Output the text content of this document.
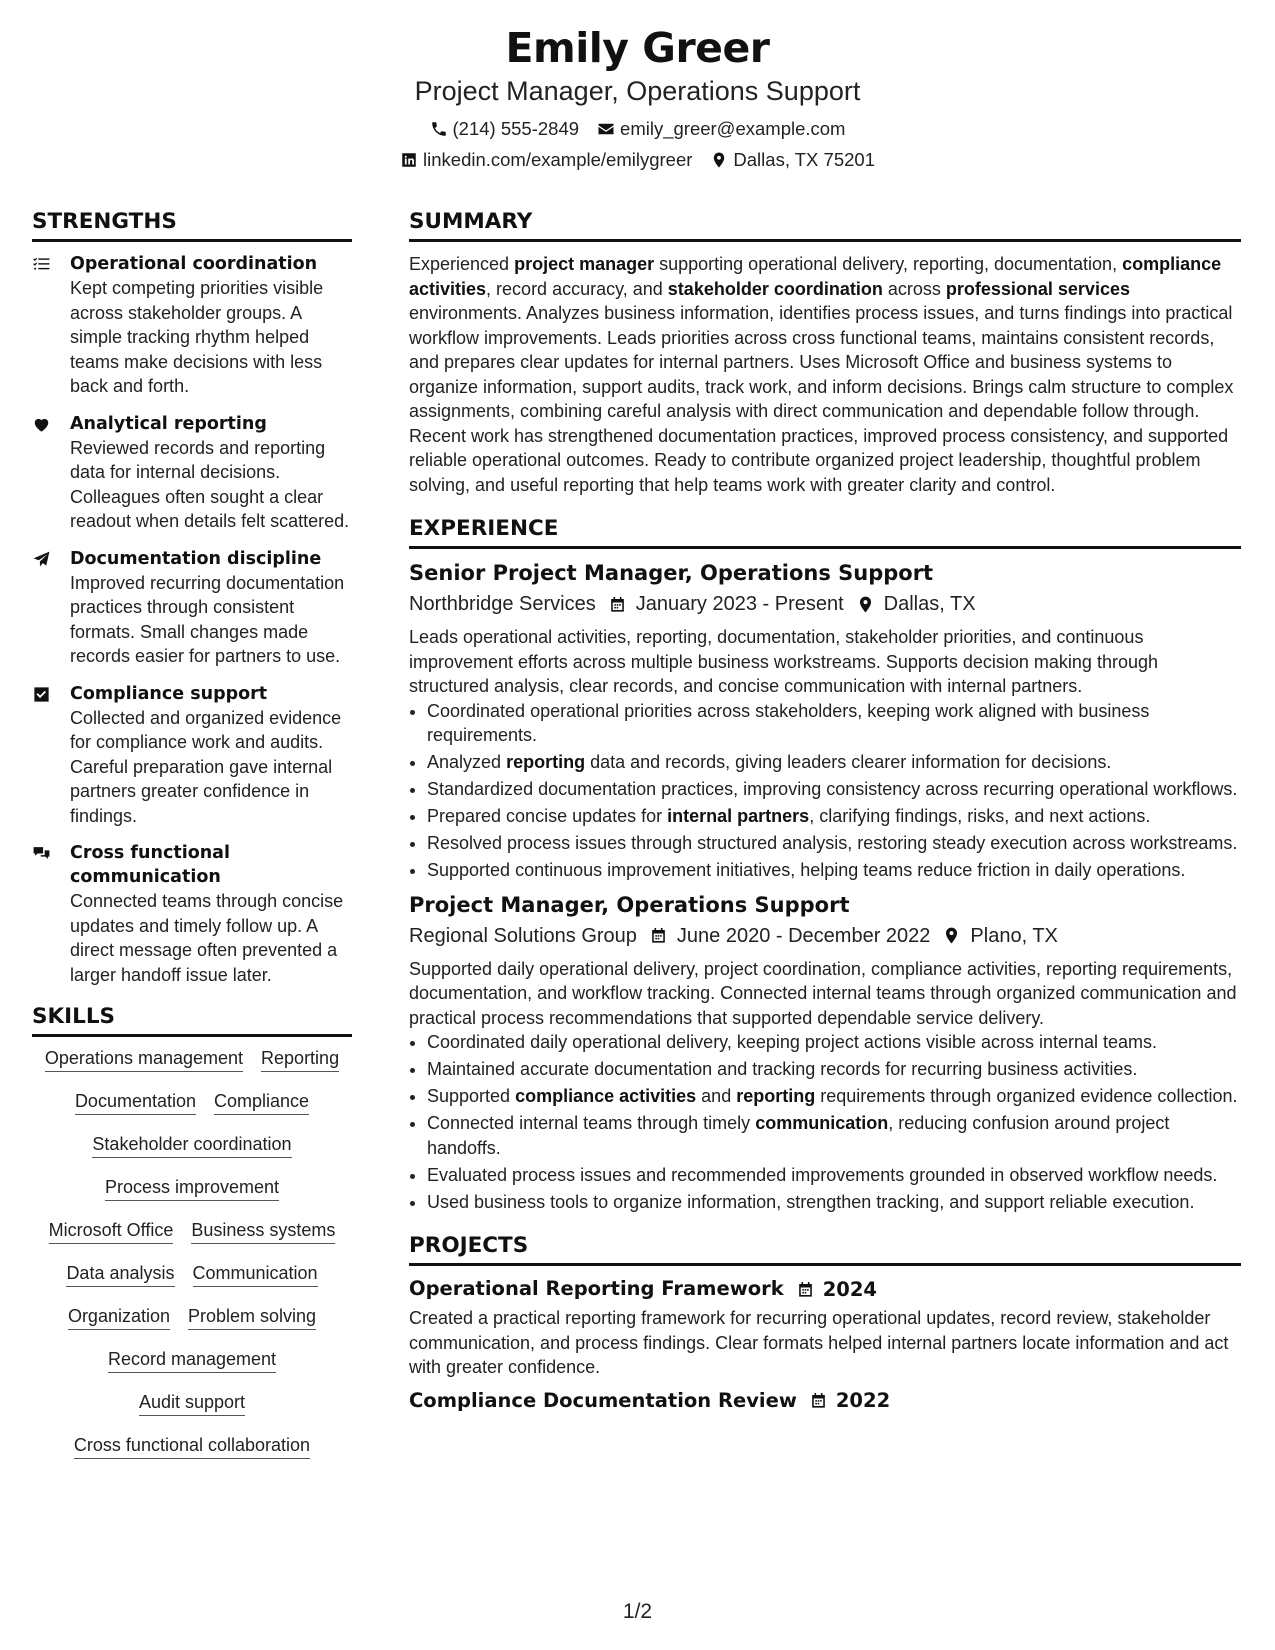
Emily Greer
Project Manager, Operations Support
(214) 555-2849 emily_greer@example.com
linkedin.com/example/emilygreer Dallas, TX 75201
STRENGTHS
Operational coordination
Kept competing priorities visible across stakeholder groups. A simple tracking rhythm helped teams make decisions with less back and forth.
Analytical reporting
Reviewed records and reporting data for internal decisions. Colleagues often sought a clear readout when details felt scattered.
Documentation discipline
Improved recurring documentation practices through consistent formats. Small changes made records easier for partners to use.
Compliance support
Collected and organized evidence for compliance work and audits. Careful preparation gave internal partners greater confidence in findings.
Cross functional communication
Connected teams through concise updates and timely follow up. A direct message often prevented a larger handoff issue later.
SKILLS
Operations management Reporting
Documentation Compliance
Stakeholder coordination
Process improvement
Microsoft Office Business systems
Data analysis Communication
Organization Problem solving
Record management
Audit support
Cross functional collaboration
SUMMARY
Experienced project manager supporting operational delivery, reporting, documentation, compliance activities, record accuracy, and stakeholder coordination across professional services environments. Analyzes business information, identifies process issues, and turns findings into practical workflow improvements. Leads priorities across cross functional teams, maintains consistent records, and prepares clear updates for internal partners. Uses Microsoft Office and business systems to organize information, support audits, track work, and inform decisions. Brings calm structure to complex assignments, combining careful analysis with direct communication and dependable follow through. Recent work has strengthened documentation practices, improved process consistency, and supported reliable operational outcomes. Ready to contribute organized project leadership, thoughtful problem solving, and useful reporting that help teams work with greater clarity and control.
EXPERIENCE
Senior Project Manager, Operations Support
Northbridge Services January 2023 - Present Dallas, TX
Leads operational activities, reporting, documentation, stakeholder priorities, and continuous improvement efforts across multiple business workstreams. Supports decision making through structured analysis, clear records, and concise communication with internal partners.
• Coordinated operational priorities across stakeholders, keeping work aligned with business requirements.
• Analyzed reporting data and records, giving leaders clearer information for decisions.
• Standardized documentation practices, improving consistency across recurring operational workflows.
• Prepared concise updates for internal partners, clarifying findings, risks, and next actions.
• Resolved process issues through structured analysis, restoring steady execution across workstreams.
• Supported continuous improvement initiatives, helping teams reduce friction in daily operations.
Project Manager, Operations Support
Regional Solutions Group June 2020 - December 2022 Plano, TX
Supported daily operational delivery, project coordination, compliance activities, reporting requirements, documentation, and workflow tracking. Connected internal teams through organized communication and practical process recommendations that supported dependable service delivery.
• Coordinated daily operational delivery, keeping project actions visible across internal teams.
• Maintained accurate documentation and tracking records for recurring business activities.
• Supported compliance activities and reporting requirements through organized evidence collection.
• Connected internal teams through timely communication, reducing confusion around project handoffs.
• Evaluated process issues and recommended improvements grounded in observed workflow needs.
• Used business tools to organize information, strengthen tracking, and support reliable execution.
PROJECTS
Operational Reporting Framework 2024
Created a practical reporting framework for recurring operational updates, record review, stakeholder communication, and process findings. Clear formats helped internal partners locate information and act with greater confidence.
Compliance Documentation Review 2022
1/2
